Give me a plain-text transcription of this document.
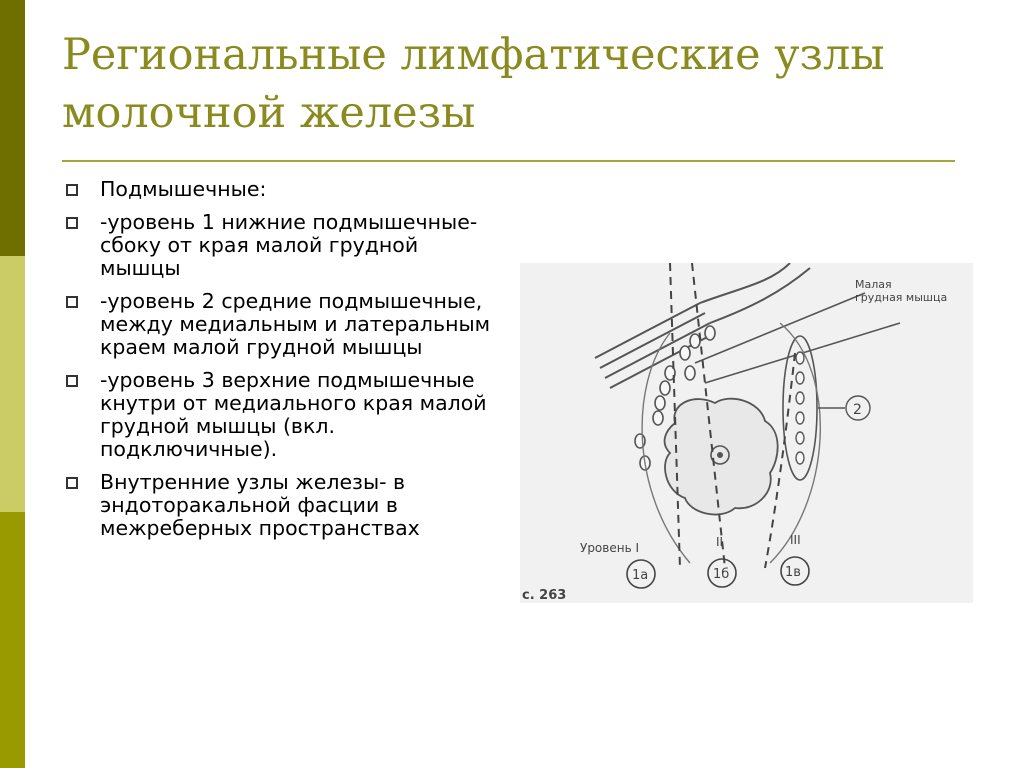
Региональные лимфатические узлы молочной железы
Подмышечные:
-уровень 1 нижние подмышечные- сбоку от края малой грудной мышцы
-уровень 2 средние подмышечные, между медиальным и латеральным краем малой грудной мышцы
-уровень 3 верхние подмышечные кнутри от медиального края малой грудной мышцы (вкл. подключичные).
Внутренние узлы железы- в эндоторакальной фасции в межреберных пространствах
2
Малая
грудная мышца
Уровень I	II	III
1а	1б	1в
с. 263
